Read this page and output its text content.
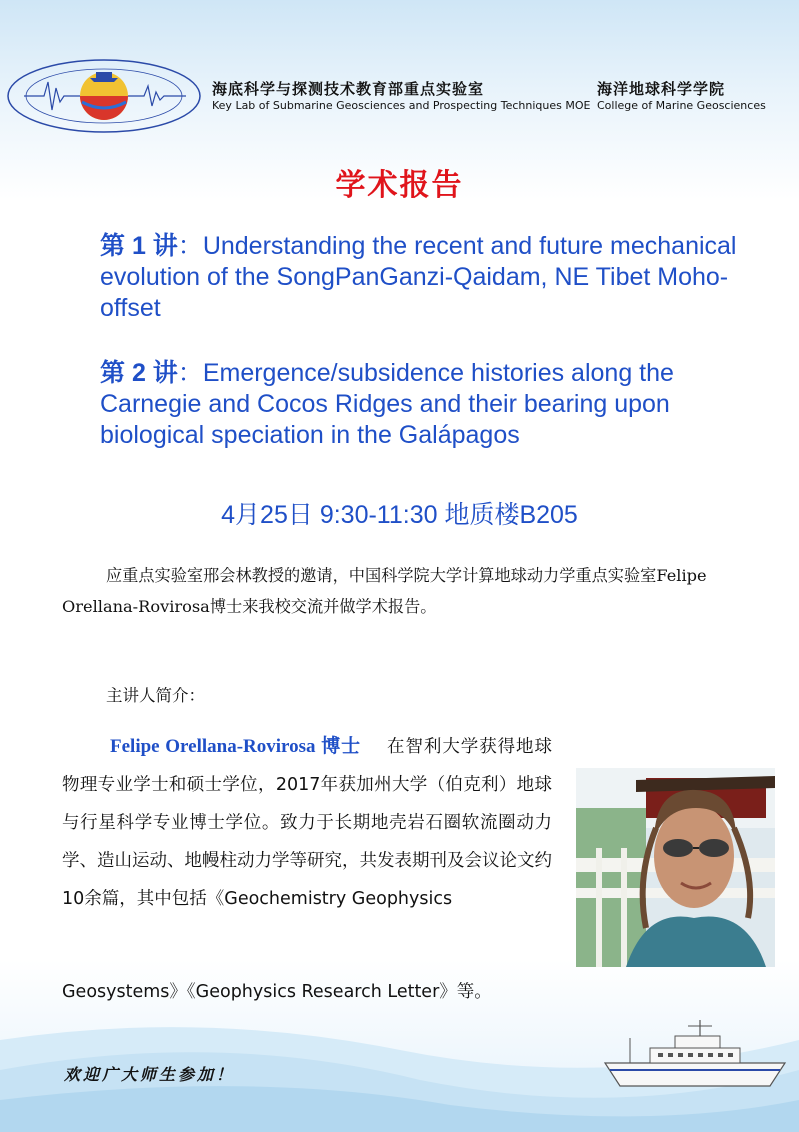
海底科学与探测技术教育部重点实验室
Key Lab of Submarine Geosciences and Prospecting Techniques MOE
海洋地球科学学院
College of Marine Geosciences
学术报告
第 1 讲：Understanding the recent and future mechanical evolution of the SongPanGanzi-Qaidam, NE Tibet Moho-offset
第 2 讲：Emergence/subsidence histories along the Carnegie and Cocos Ridges and their bearing upon biological speciation in the Galápagos
4月25日 9:30-11:30 地质楼B205
应重点实验室邢会林教授的邀请，中国科学院大学计算地球动力学重点实验室Felipe Orellana-Rovirosa博士来我校交流并做学术报告。
主讲人简介：
Felipe Orellana-Rovirosa 博士 在智利大学获得地球物理专业学士和硕士学位，2017年获加州大学（伯克利）地球与行星科学专业博士学位。致力于长期地壳岩石圈软流圈动力学、造山运动、地幔柱动力学等研究，共发表期刊及会议论文约10余篇，其中包括《Geochemistry Geophysics
Geosystems》《Geophysics Research Letter》等。
欢迎广大师生参加！
